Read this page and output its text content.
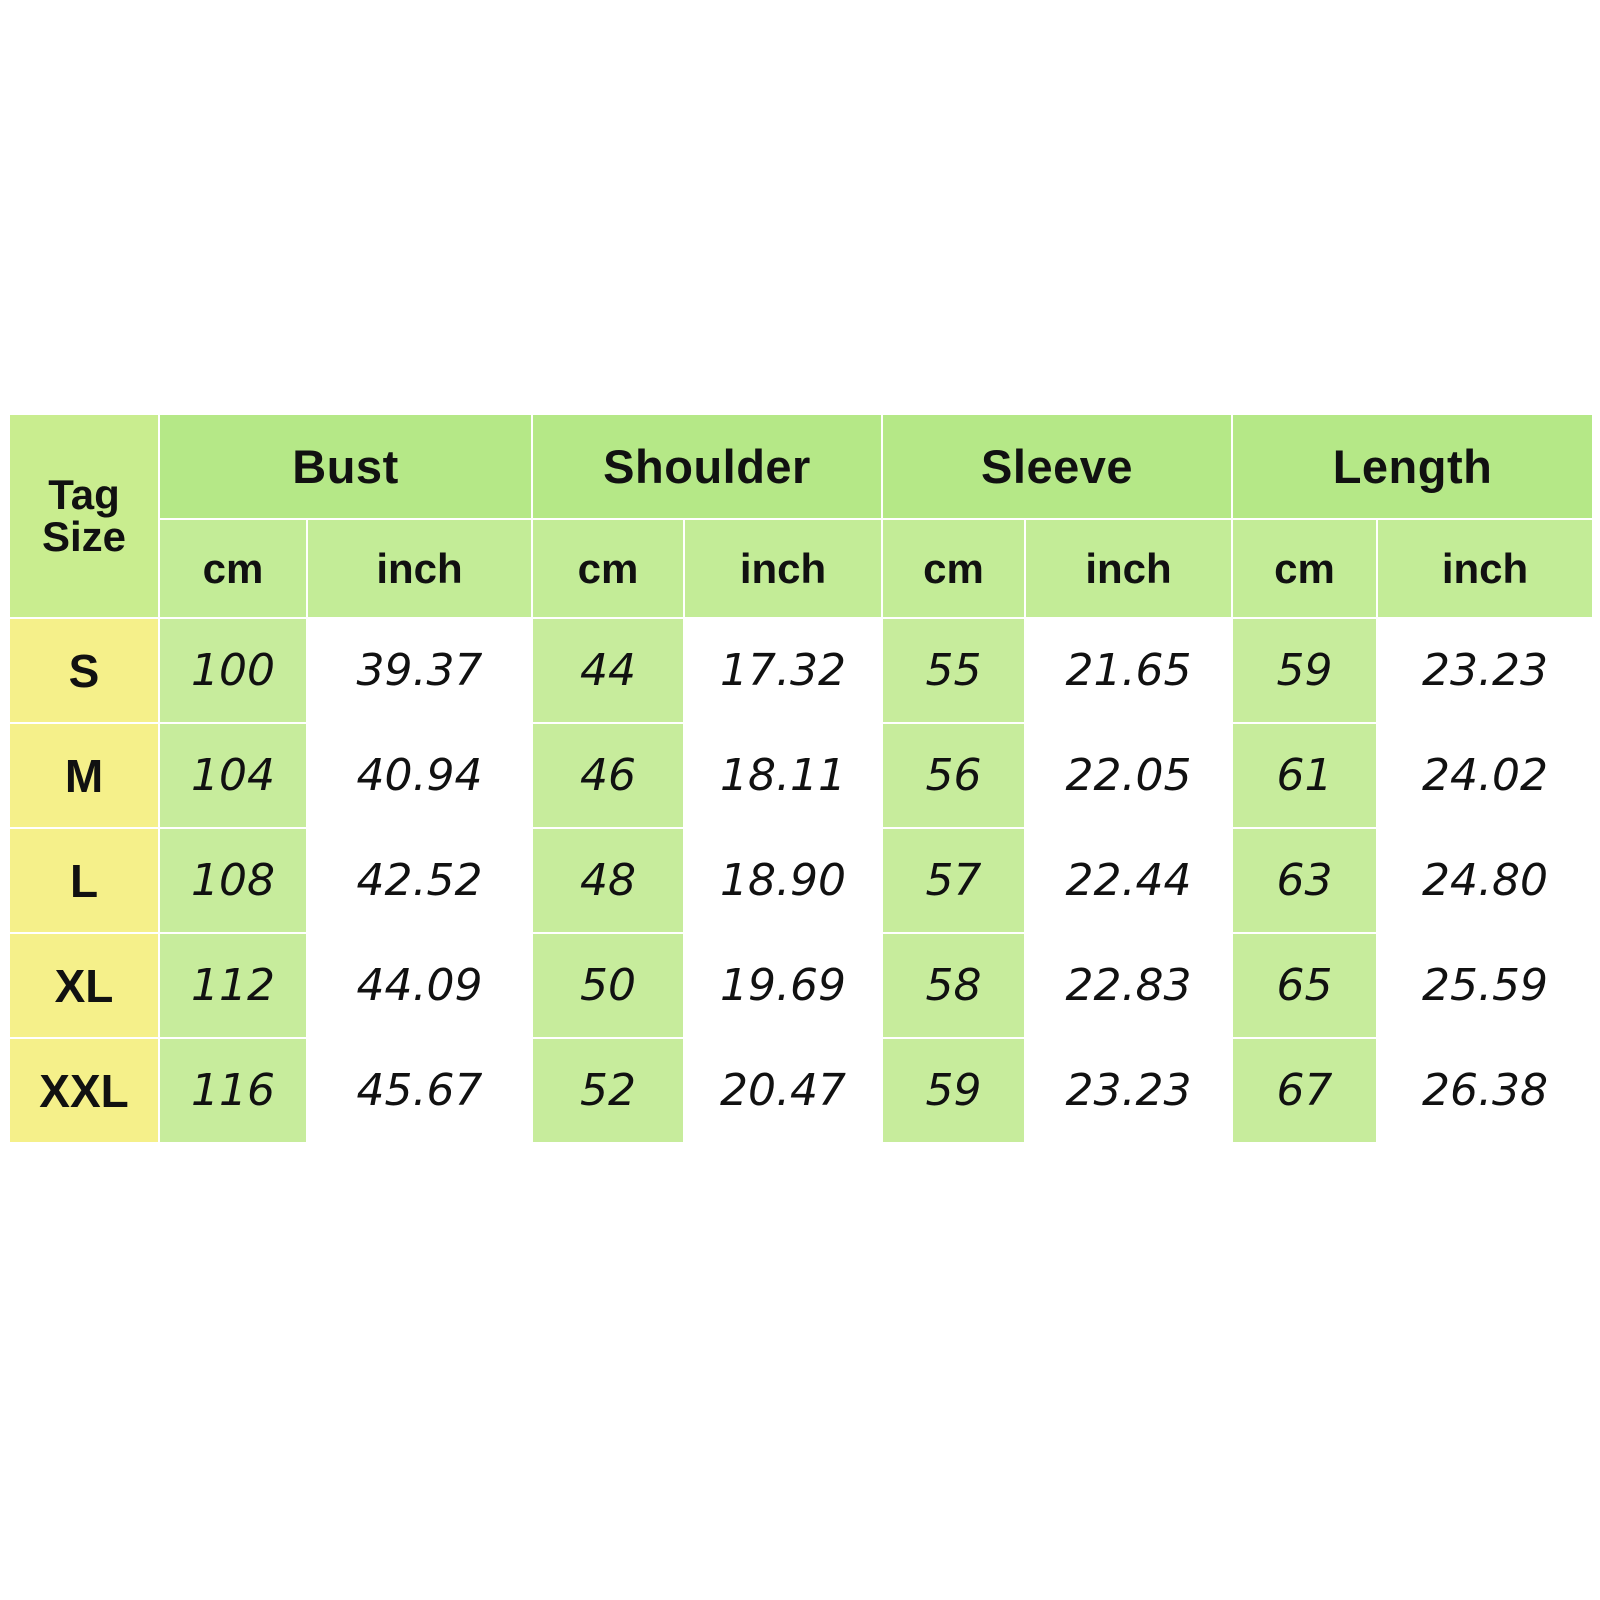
Tag
Size	Bust		Shoulder		Sleeve		Length	
	cm	inch	cm	inch	cm	inch	cm	inch
S	100	39.37	44	17.32	55	21.65	59	23.23
M	104	40.94	46	18.11	56	22.05	61	24.02
L	108	42.52	48	18.90	57	22.44	63	24.80
XL	112	44.09	50	19.69	58	22.83	65	25.59
XXL	116	45.67	52	20.47	59	23.23	67	26.38
